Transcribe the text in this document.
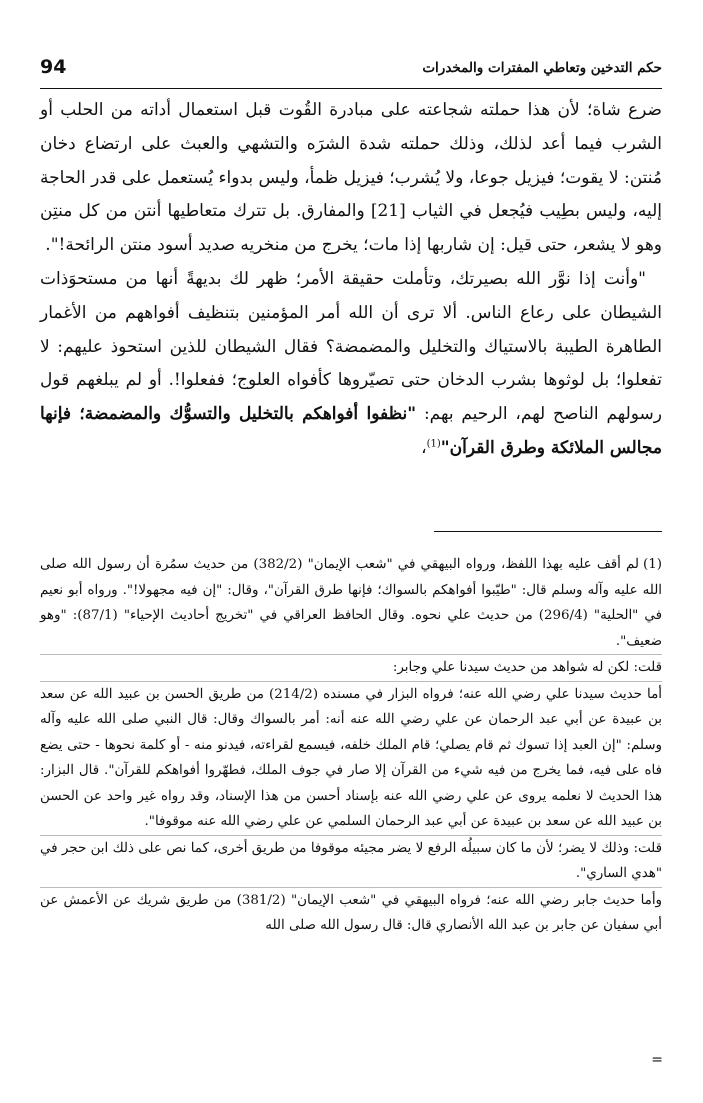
94	حكم التدخين وتعاطي المفترات والمخدرات

ضرع شاة؛ لأن هذا حملته شجاعته على مبادرة القُوت قبل استعمال أداته من الحلب أو الشرب فيما أعد لذلك، وذلك حملته شدة الشرَه والتشهي والعبث على ارتضاع دخان مُنتن: لا يقوت؛ فيزيل جوعا، ولا يُشرب؛ فيزيل ظمأ، وليس بدواء يُستعمل على قدر الحاجة إليه، وليس بطِيب فيُجعل في الثياب [21] والمفارق. بل تترك متعاطيها أنتن من كل منتِن وهو لا يشعر، حتى قيل: إن شاربها إذا مات؛ يخرج من منخريه صديد أسود منتن الرائحة!".

"وأنت إذا نوَّر الله بصيرتك، وتأملت حقيقة الأمر؛ ظهر لك بديهةً أنها من مستحوَذات الشيطان على رعاع الناس. ألا ترى أن الله أمر المؤمنين بتنظيف أفواههم من الأغمار الطاهرة الطيبة بالاستياك والتخليل والمضمضة؟ فقال الشيطان للذين استحوذ عليهم: لا تفعلوا؛ بل لوثوها بشرب الدخان حتى تصيّروها كأفواه العلوج؛ ففعلوا!. أو لم يبلغهم قول رسولهم الناصح لهم، الرحيم بهم: "نظفوا أفواهكم بالتخليل والتسوُّك والمضمضة؛ فإنها مجالس الملائكة وطرق القرآن"$^{(1)}$،

(1)لم أقف عليه بهذا اللفظ، ورواه البيهقي في "شعب الإيمان" (382/2) من حديث سمُرة أن رسول الله صلى الله عليه وآله وسلم قال: "طيّبوا أفواهكم بالسواك؛ فإنها طرق القرآن"، وقال: "إن فيه مجهولا!". ورواه أبو نعيم في "الحلية" (296/4) من حديث علي نحوه. وقال الحافظ العراقي في "تخريج أحاديث الإحياء" (87/1): "وهو ضعيف".

قلت: لكن له شواهد من حديث سيدنا علي وجابر:

أما حديث سيدنا علي رضي الله عنه؛ فرواه البزار في مسنده (214/2) من طريق الحسن بن عبيد الله عن سعد بن عبيدة عن أبي عبد الرحمان عن علي رضي الله عنه أنه: أمر بالسواك وقال: قال النبي صلى الله عليه وآله وسلم: "إن العبد إذا تسوك ثم قام يصلي؛ قام الملك خلفه، فيسمع لقراءته، فيدنو منه - أو كلمة نحوها - حتى يضع فاه على فيه، فما يخرج من فيه شيء من القرآن إلا صار في جوف الملك، فطهّروا أفواهكم للقرآن". قال البزار: هذا الحديث لا نعلمه يروى عن علي رضي الله عنه بإسناد أحسن من هذا الإسناد، وقد رواه غير واحد عن الحسن بن عبيد الله عن سعد بن عبيدة عن أبي عبد الرحمان السلمي عن علي رضي الله عنه موقوفا".

قلت: وذلك لا يضر؛ لأن ما كان سبيلُه الرفع لا يضر مجيئه موقوفا من طريق أخرى، كما نص على ذلك ابن حجر في "هدي الساري".

وأما حديث جابر رضي الله عنه؛ فرواه البيهقي في "شعب الإيمان" (381/2) من طريق شريك عن الأعمش عن أبي سفيان عن جابر بن عبد الله الأنصاري قال: قال رسول الله صلى الله

=
